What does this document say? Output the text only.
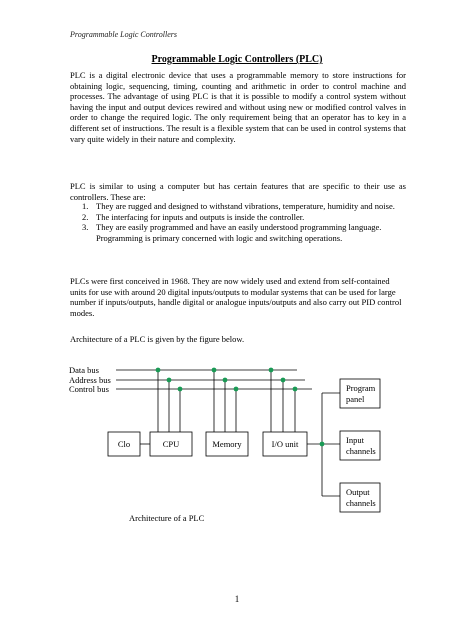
Programmable Logic Controllers
Programmable Logic Controllers (PLC)

PLC is a digital electronic device that uses a programmable memory to store instructions for obtaining logic, sequencing, timing, counting and arithmetic in order to control machine and processes. The advantage of using PLC is that it is possible to modify a control system without having the input and output devices rewired and without using new or modified control valves in order to change the required logic. The only requirement being that an operator has to key in a different set of instructions. The result is a flexible system that can be used in control systems that vary quite widely in their nature and complexity.

PLC is similar to using a computer but has certain features that are specific to their use as controllers. These are:

1. They are rugged and designed to withstand vibrations, temperature, humidity and noise.
2. The interfacing for inputs and outputs is inside the controller.
3. They are easily programmed and have an easily understood programming language. Programming is primary concerned with logic and switching operations.

PLCs were first conceived in 1968. They are now widely used and extend from self-contained units for use with around 20 digital inputs/outputs to modular systems that can be used for large number if inputs/outputs, handle digital or analogue inputs/outputs and also carry out PID control modes.

Architecture of a PLC is given by the figure below.

Data bus
Address bus
Control bus
Clo	CPU	Memory	I/O unit
Program
panel
Input
channels
Output
channels
Architecture of a PLC
1
